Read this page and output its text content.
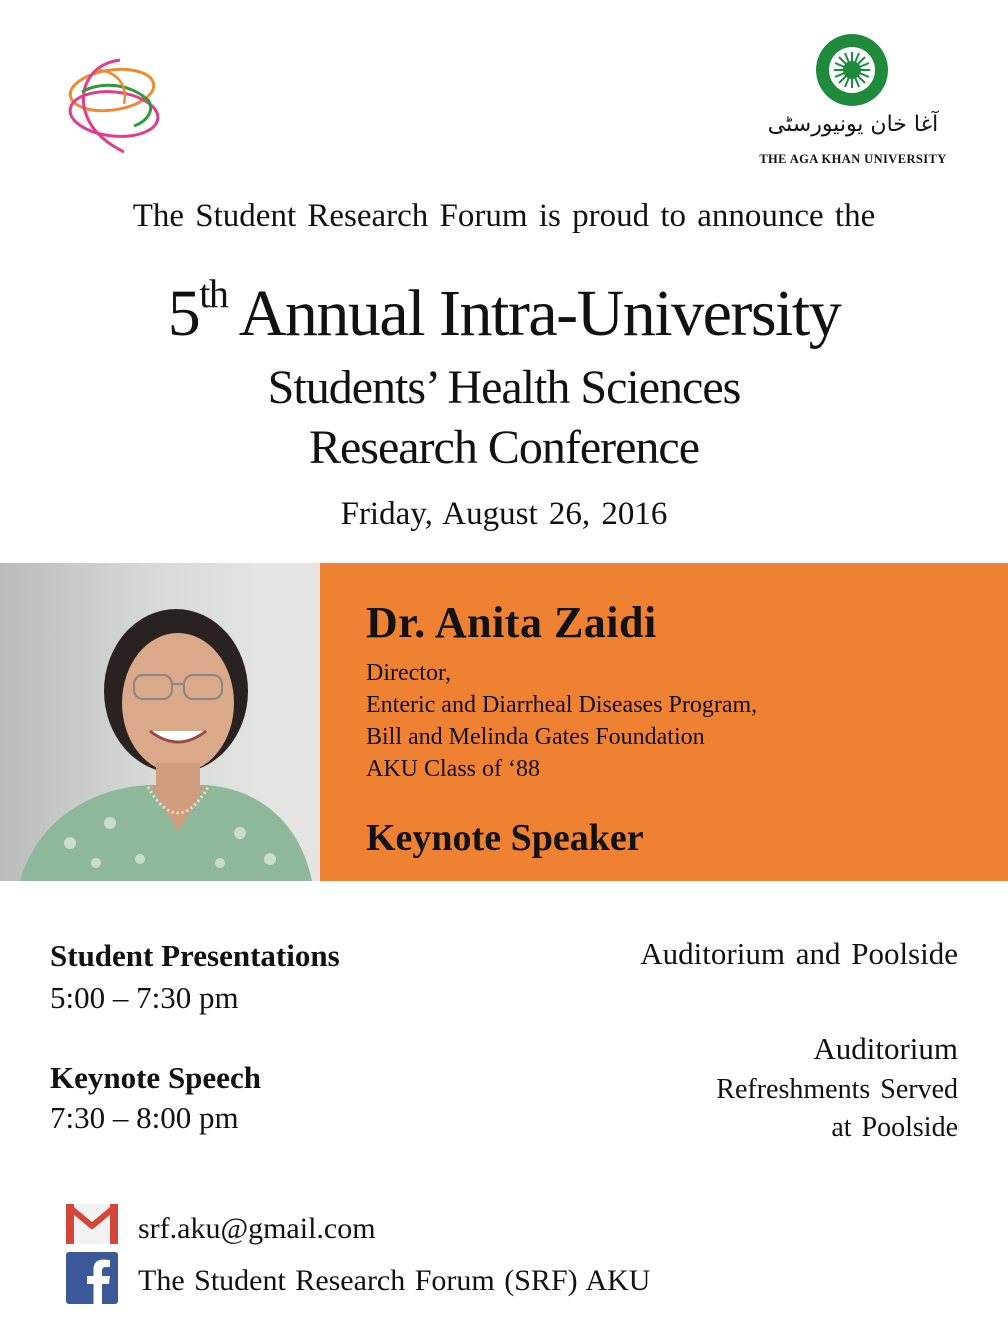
آغا خان یونیورسٹی
THE AGA KHAN UNIVERSITY
The Student Research Forum is proud to announce the
5th Annual Intra-University
Students’ Health Sciences
Research Conference
Friday, August 26, 2016
Dr. Anita Zaidi
Director,
Enteric and Diarrheal Diseases Program,
Bill and Melinda Gates Foundation
AKU Class of ‘88
Keynote Speaker
Student Presentations
5:00 – 7:30 pm
Auditorium and Poolside
Keynote Speech
7:30 – 8:00 pm
Auditorium
Refreshments Served
at Poolside
srf.aku@gmail.com
The Student Research Forum (SRF) AKU
